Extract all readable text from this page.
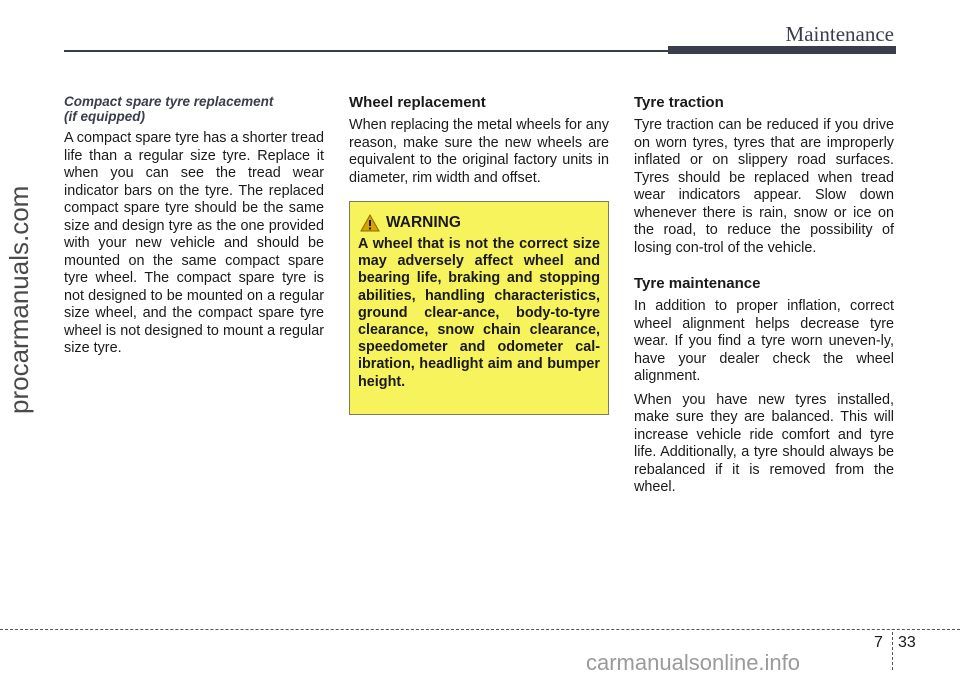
Maintenance
procarmanuals.com
Compact spare tyre replacement
(if equipped)

A compact spare tyre has a shorter tread life than a regular size tyre. Replace it when you can see the tread wear indicator bars on the tyre. The replaced compact spare tyre should be the same size and design tyre as the one provided with your new vehicle and should be mounted on the same compact spare tyre wheel. The compact spare tyre is not designed to be mounted on a regular size wheel, and the compact spare tyre wheel is not designed to mount a regular size tyre.

Wheel replacement

When replacing the metal wheels for any reason, make sure the new wheels are equivalent to the original factory units in diameter, rim width and offset.

WARNING
A wheel that is not the correct size may adversely affect wheel and bearing life, braking and stopping abilities, handling characteristics, ground clear-ance, body-to-tyre clearance, snow chain clearance, speedometer and odometer cal-ibration, headlight aim and bumper height.
Tyre traction

Tyre traction can be reduced if you drive on worn tyres, tyres that are improperly inflated or on slippery road surfaces. Tyres should be replaced when tread wear indicators appear. Slow down whenever there is rain, snow or ice on the road, to reduce the possibility of losing con-trol of the vehicle.

Tyre maintenance

In addition to proper inflation, correct wheel alignment helps decrease tyre wear. If you find a tyre worn uneven-ly, have your dealer check the wheel alignment.

When you have new tyres installed, make sure they are balanced. This will increase vehicle ride comfort and tyre life. Additionally, a tyre should always be rebalanced if it is removed from the wheel.

7 33
carmanualsonline.info
